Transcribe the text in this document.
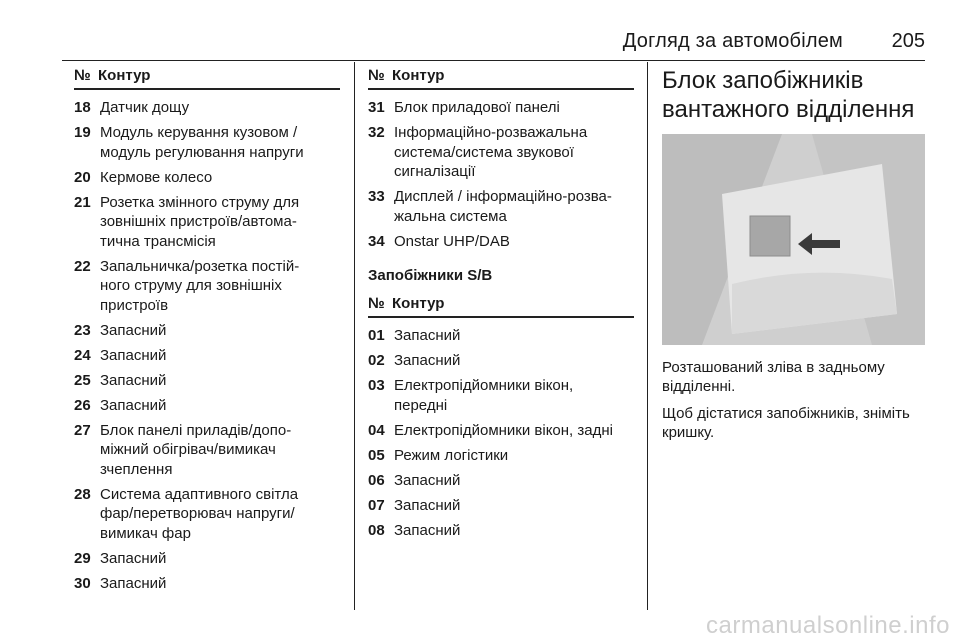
Догляд за автомобілем 205
№ Контур
18 Датчик дощу
19 Модуль керування кузовом /
модуль регулювання напруги
20 Кермове колесо
21 Розетка змінного струму для
зовнішніх пристроїв/автома-
тична трансмісія
22 Запальничка/розетка постій-
ного струму для зовнішніх
пристроїв
23 Запасний
24 Запасний
25 Запасний
26 Запасний
27 Блок панелі приладів/допо-
міжний обігрівач/вимикач
зчеплення
28 Система адаптивного світла
фар/перетворювач напруги/
вимикач фар
29 Запасний
30 Запасний
№ Контур
31 Блок приладової панелі
32 Інформаційно-розважальна
система/система звукової
сигналізації
33 Дисплей / інформаційно-розва-
жальна система
34 Onstar UHP/DAB
Запобіжники S/B
№ Контур
01 Запасний
02 Запасний
03 Електропідйомники вікон,
передні
04 Електропідйомники вікон, задні
05 Режим логістики
06 Запасний
07 Запасний
08 Запасний
Блок запобіжників
вантажного відділення

Розташований зліва в задньому
відділенні.

Щоб дістатися запобіжників, зніміть
кришку.

carmanualsonline.info
